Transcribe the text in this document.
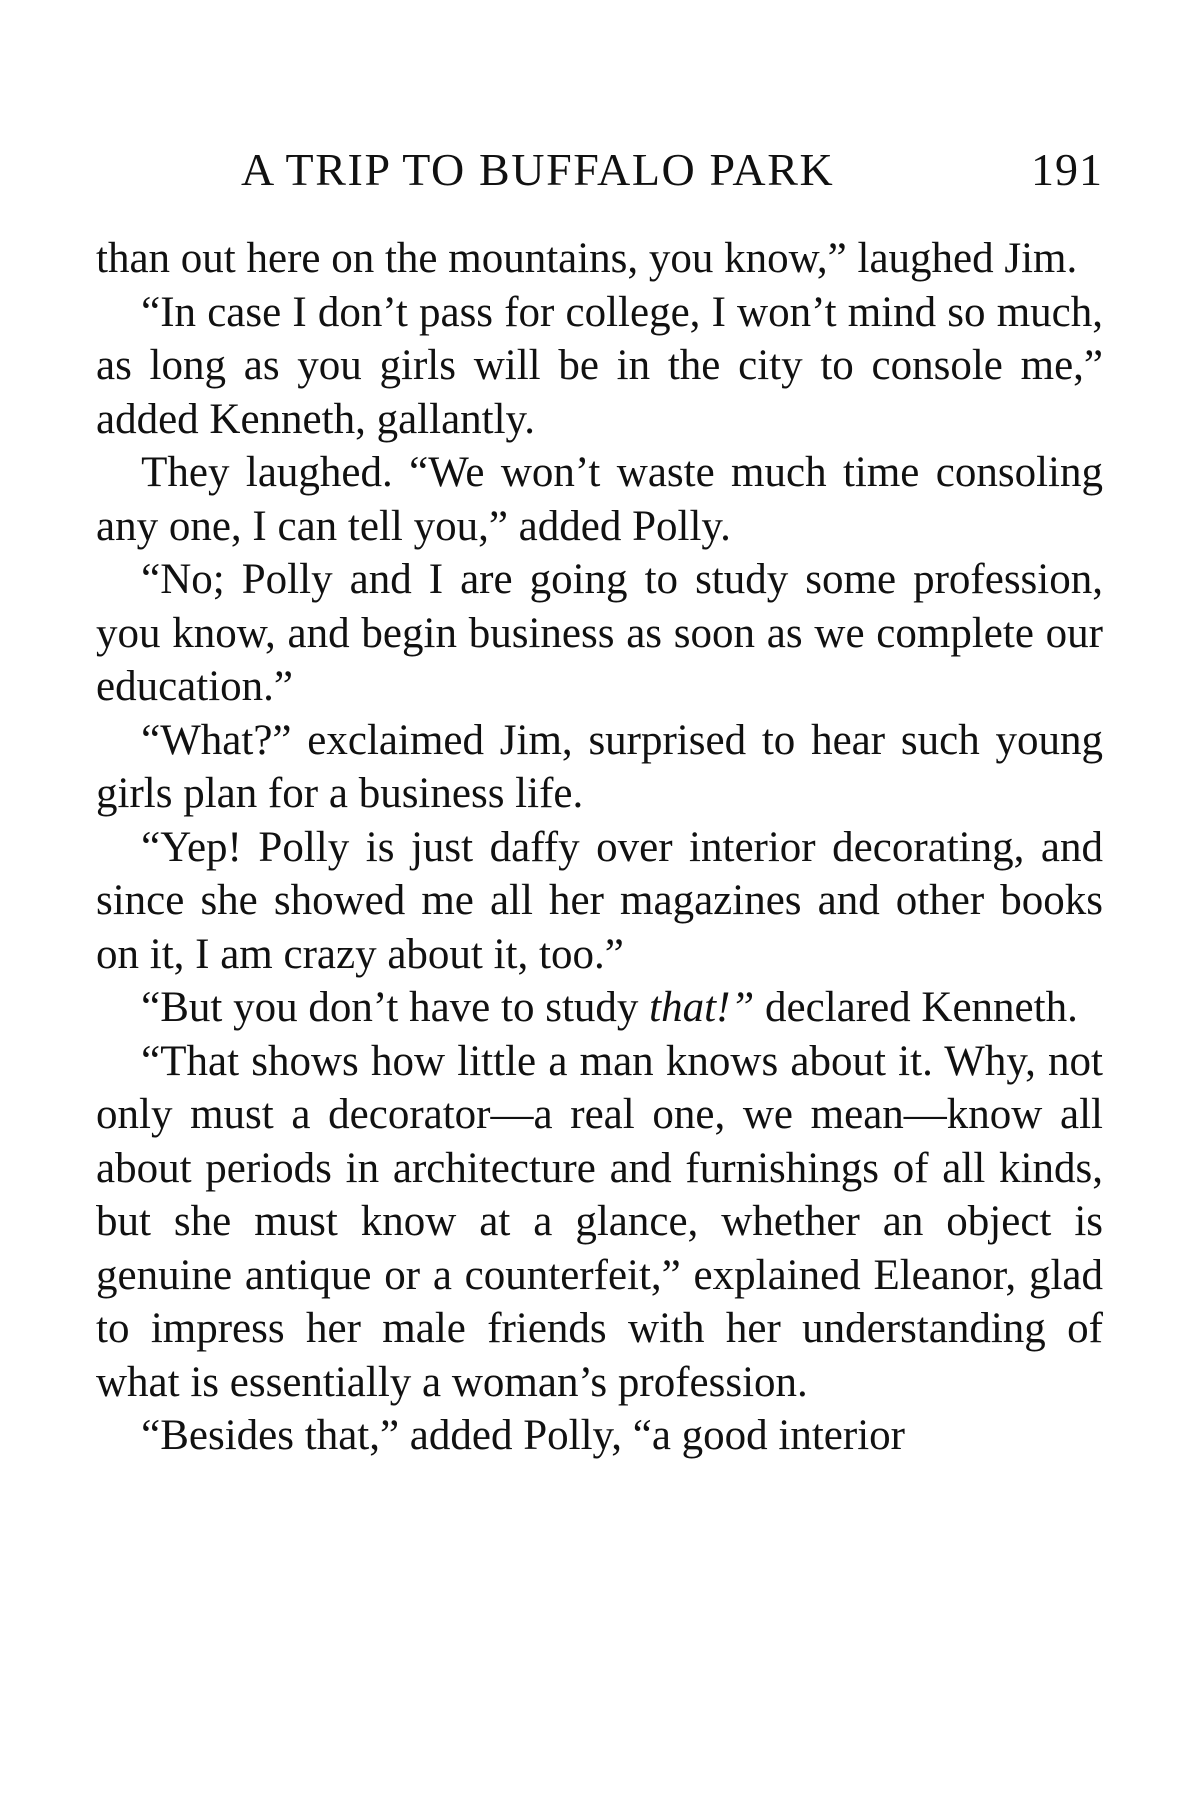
A TRIP TO BUFFALO PARK	191

than out here on the mountains, you know,” laughed Jim.

“In case I don’t pass for college, I won’t mind so much, as long as you girls will be in the city to console me,” added Kenneth, gallantly.

They laughed. “We won’t waste much time consoling any one, I can tell you,” added Polly.

“No; Polly and I are going to study some profession, you know, and begin business as soon as we complete our education.”

“What?” exclaimed Jim, surprised to hear such young girls plan for a business life.

“Yep! Polly is just daffy over interior decorating, and since she showed me all her magazines and other books on it, I am crazy about it, too.”

“But you don’t have to study that!” declared Kenneth.

“That shows how little a man knows about it. Why, not only must a decorator—a real one, we mean—know all about periods in architecture and furnishings of all kinds, but she must know at a glance, whether an object is genuine antique or a counterfeit,” explained Eleanor, glad to impress her male friends with her understanding of what is essentially a woman’s profession.

“Besides that,” added Polly, “a good interior
